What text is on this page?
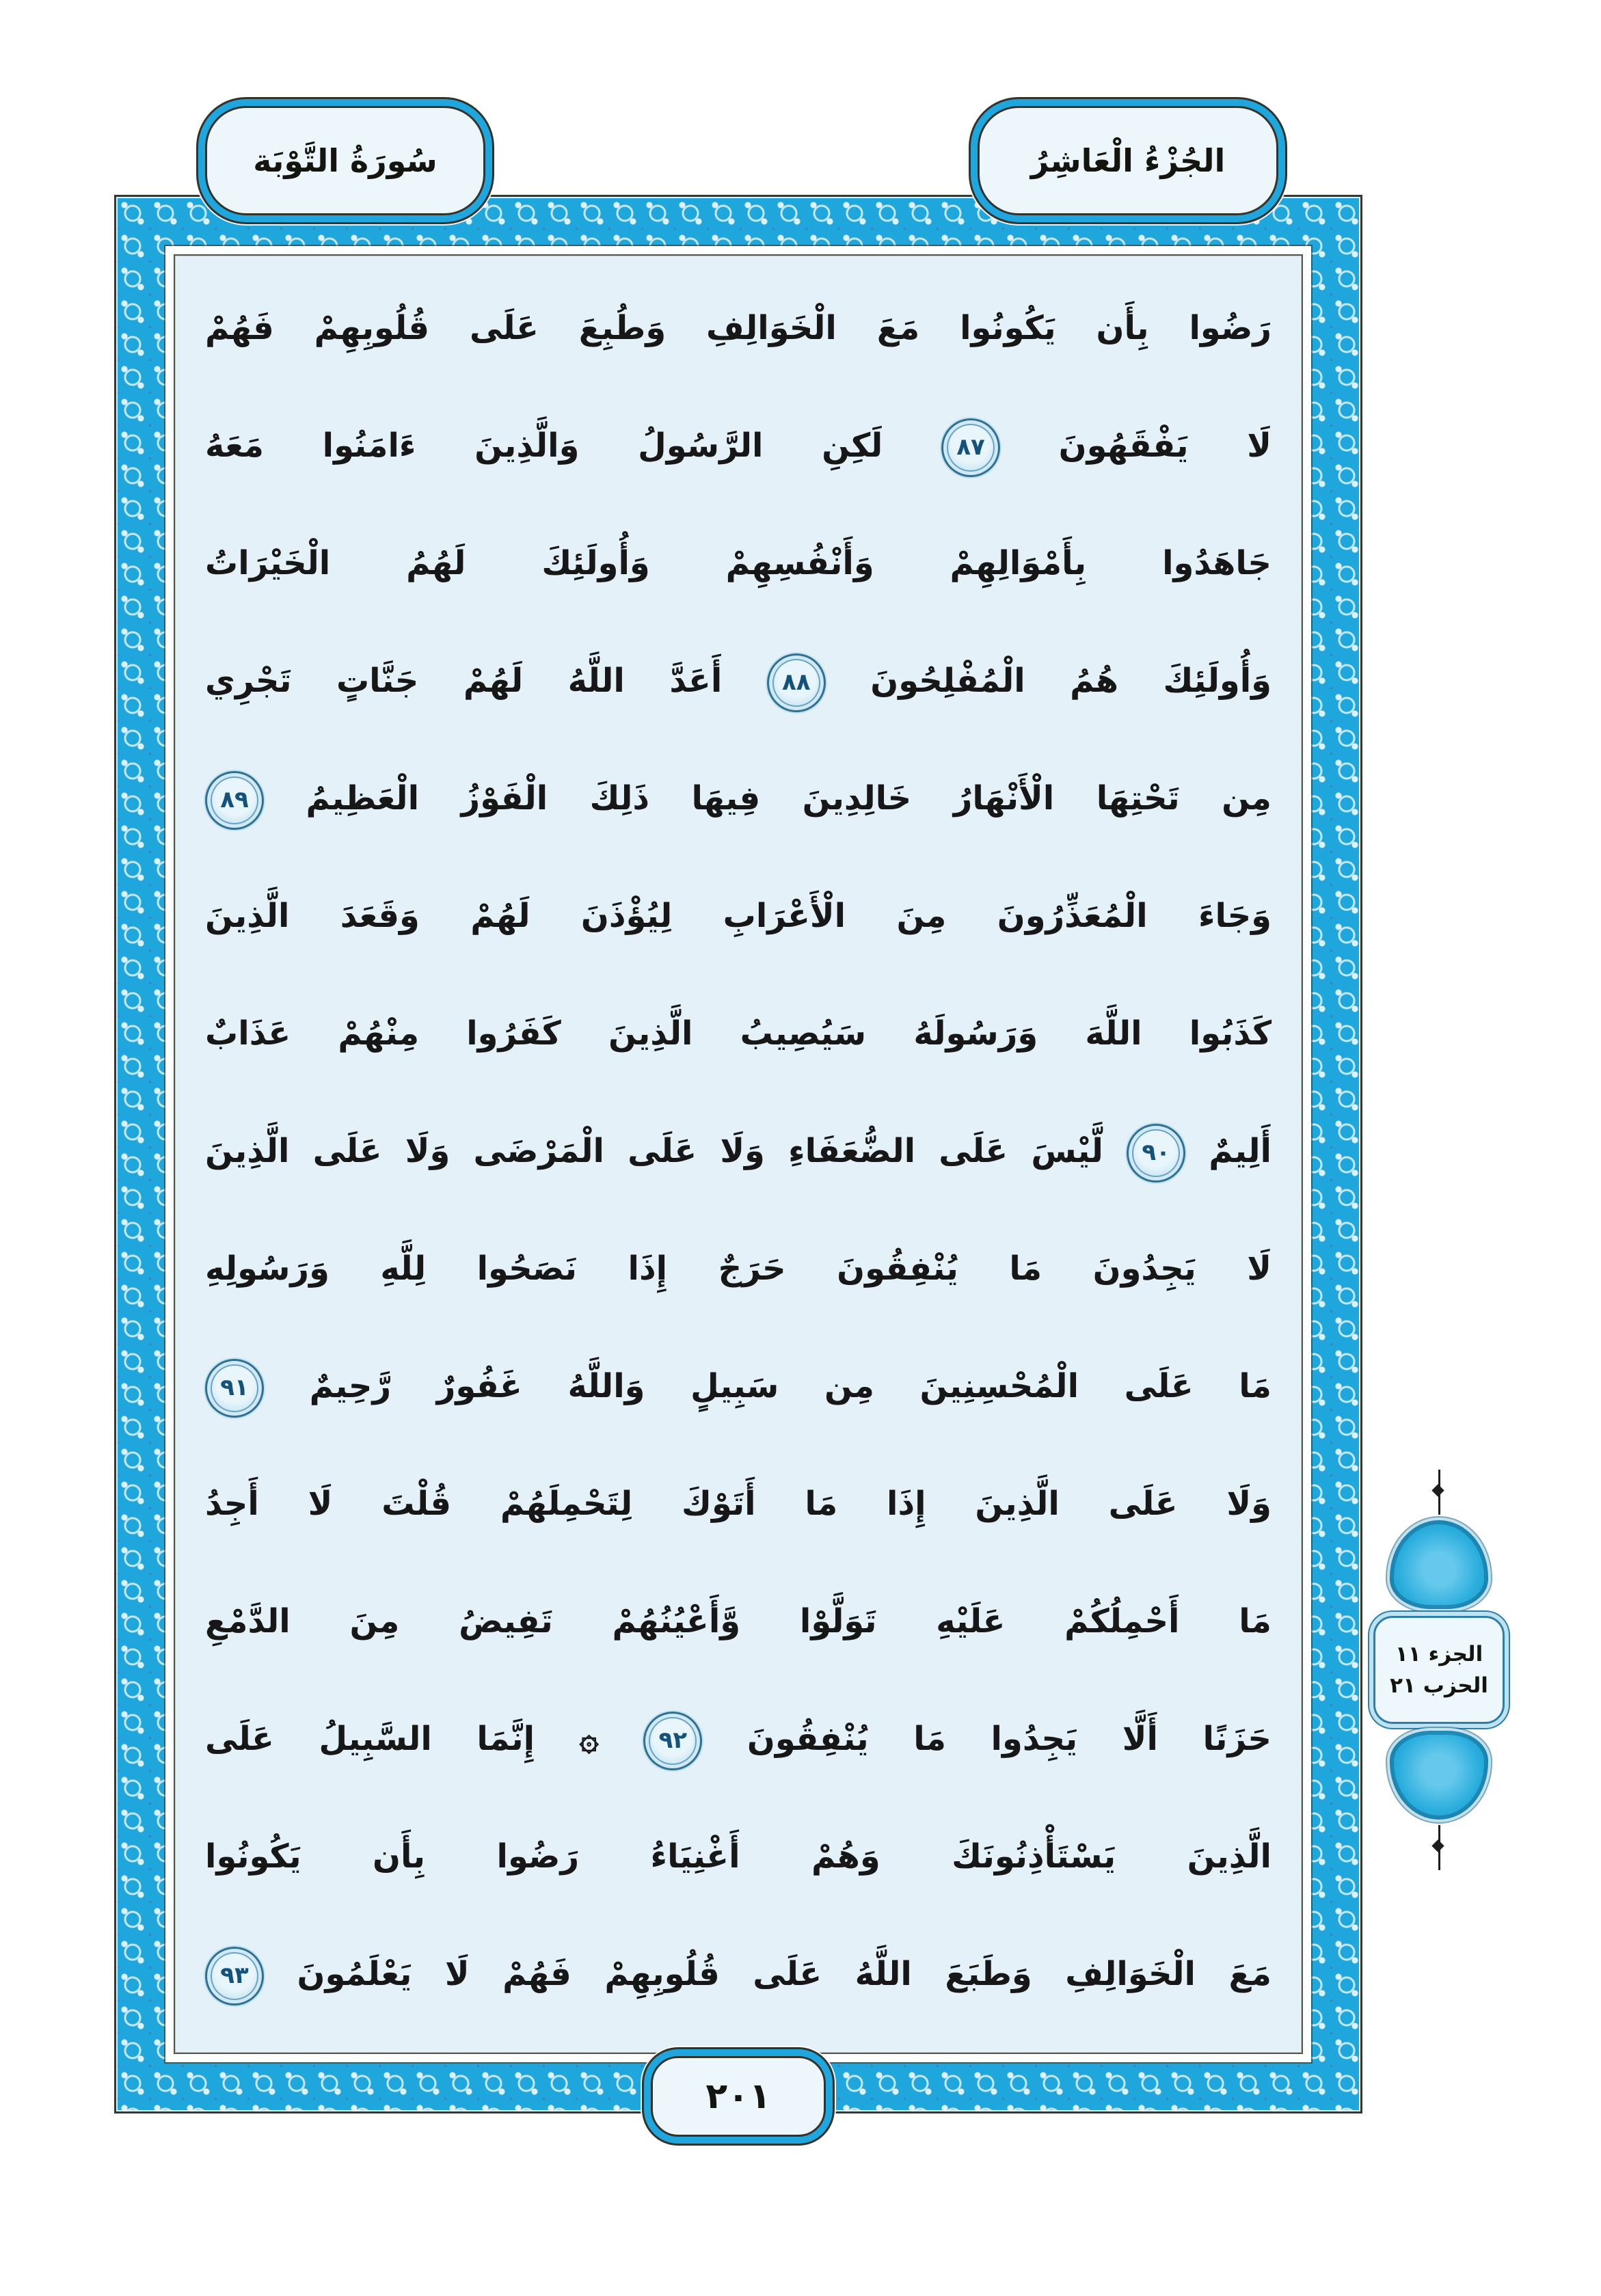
رَضُوا بِأَن يَكُونُوا مَعَ الْخَوَالِفِ وَطُبِعَ عَلَى قُلُوبِهِمْ فَهُمْ
لَا يَفْقَهُونَ ٨٧ لَكِنِ الرَّسُولُ وَالَّذِينَ ءَامَنُوا مَعَهُ
جَاهَدُوا بِأَمْوَالِهِمْ وَأَنْفُسِهِمْ وَأُولَئِكَ لَهُمُ الْخَيْرَاتُ
وَأُولَئِكَ هُمُ الْمُفْلِحُونَ ٨٨ أَعَدَّ اللَّهُ لَهُمْ جَنَّاتٍ تَجْرِي
مِن تَحْتِهَا الْأَنْهَارُ خَالِدِينَ فِيهَا ذَلِكَ الْفَوْزُ الْعَظِيمُ ٨٩
وَجَاءَ الْمُعَذِّرُونَ مِنَ الْأَعْرَابِ لِيُؤْذَنَ لَهُمْ وَقَعَدَ الَّذِينَ
كَذَبُوا اللَّهَ وَرَسُولَهُ سَيُصِيبُ الَّذِينَ كَفَرُوا مِنْهُمْ عَذَابٌ
أَلِيمٌ ٩٠ لَّيْسَ عَلَى الضُّعَفَاءِ وَلَا عَلَى الْمَرْضَى وَلَا عَلَى الَّذِينَ
لَا يَجِدُونَ مَا يُنْفِقُونَ حَرَجٌ إِذَا نَصَحُوا لِلَّهِ وَرَسُولِهِ
مَا عَلَى الْمُحْسِنِينَ مِن سَبِيلٍ وَاللَّهُ غَفُورٌ رَّحِيمٌ ٩١
وَلَا عَلَى الَّذِينَ إِذَا مَا أَتَوْكَ لِتَحْمِلَهُمْ قُلْتَ لَا أَجِدُ
مَا أَحْمِلُكُمْ عَلَيْهِ تَوَلَّوْا وَّأَعْيُنُهُمْ تَفِيضُ مِنَ الدَّمْعِ
حَزَنًا أَلَّا يَجِدُوا مَا يُنْفِقُونَ ٩٢ ۞ إِنَّمَا السَّبِيلُ عَلَى
الَّذِينَ يَسْتَأْذِنُونَكَ وَهُمْ أَغْنِيَاءُ رَضُوا بِأَن يَكُونُوا
مَعَ الْخَوَالِفِ وَطَبَعَ اللَّهُ عَلَى قُلُوبِهِمْ فَهُمْ لَا يَعْلَمُونَ ٩٣
سُورَةُ التَّوْبَة	الجُزْءُ الْعَاشِرُ
٢٠١
الجزء ١١
الحزب ٢١
